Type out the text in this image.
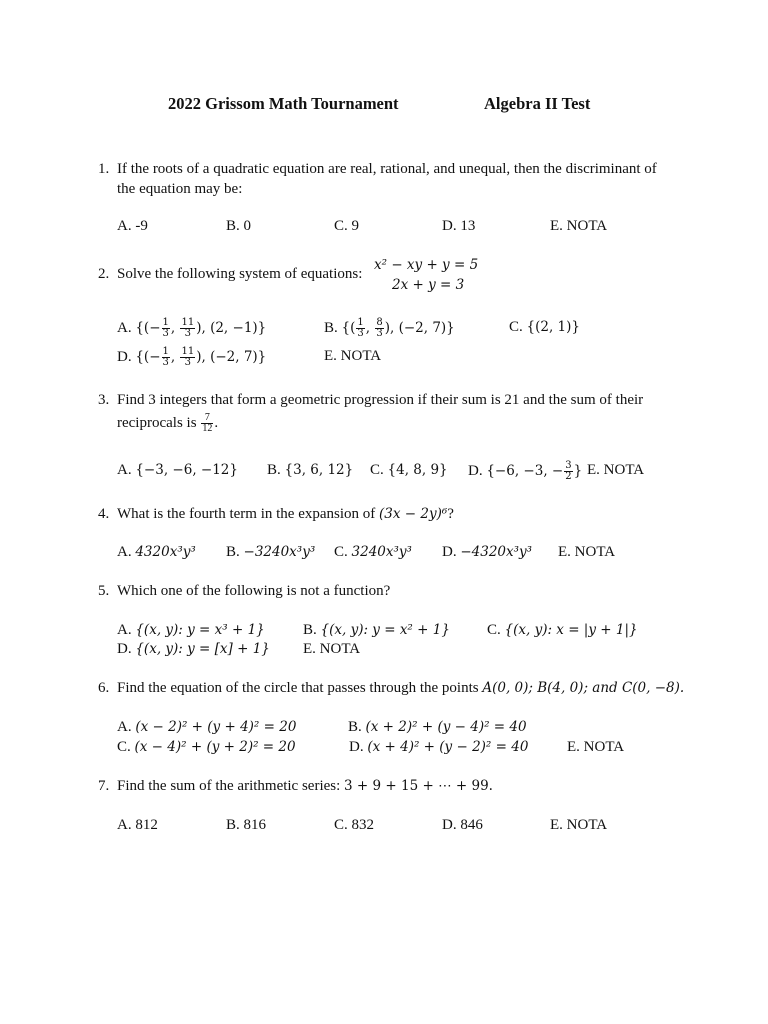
2022 Grissom Math Tournament	Algebra II Test
1. If the roots of a quadratic equation are real, rational, and unequal, then the discriminant of
the equation may be:
A. -9	B. 0	C. 9	D. 13	E. NOTA
2. Solve the following system of equations:
x² − xy + y = 5
2x + y = 3
A. {(− $\frac{1}{3}$ , $\frac{11}{3}$ ), (2, −1)}	B. {( $\frac{1}{3}$ , $\frac{8}{3}$ ), (−2, 7)}	C. {(2, 1)}
D. {(− $\frac{1}{3}$ , $\frac{11}{3}$ ), (−2, 7)}	E. NOTA
3. Find 3 integers that form a geometric progression if their sum is 21 and the sum of their
reciprocals is $\frac{7}{12}$ .
A. {−3, −6, −12} B. {3, 6, 12} C. {4, 8, 9} D. {−6, −3, − $\frac{3}{2}$ } E. NOTA
4. What is the fourth term in the expansion of (3x − 2y)⁶?
A. 4320x³y³ B. −3240x³y³ C. 3240x³y³ D. −4320x³y³ E. NOTA
5. Which one of the following is not a function?
A. {(x, y): y = x³ + 1}	B. {(x, y): y = x² + 1} C. {(x, y): x = |y + 1|}
D. {(x, y): y = [x] + 1} E. NOTA
6. Find the equation of the circle that passes through the points A(0, 0); B(4, 0); and C(0, −8).
A. (x − 2)² + (y + 4)² = 20	B. (x + 2)² + (y − 4)² = 40
C. (x − 4)² + (y + 2)² = 20	D. (x + 4)² + (y − 2)² = 40	E. NOTA
7. Find the sum of the arithmetic series: 3 + 9 + 15 + ⋯ + 99.
A. 812	B. 816	C. 832	D. 846	E. NOTA
